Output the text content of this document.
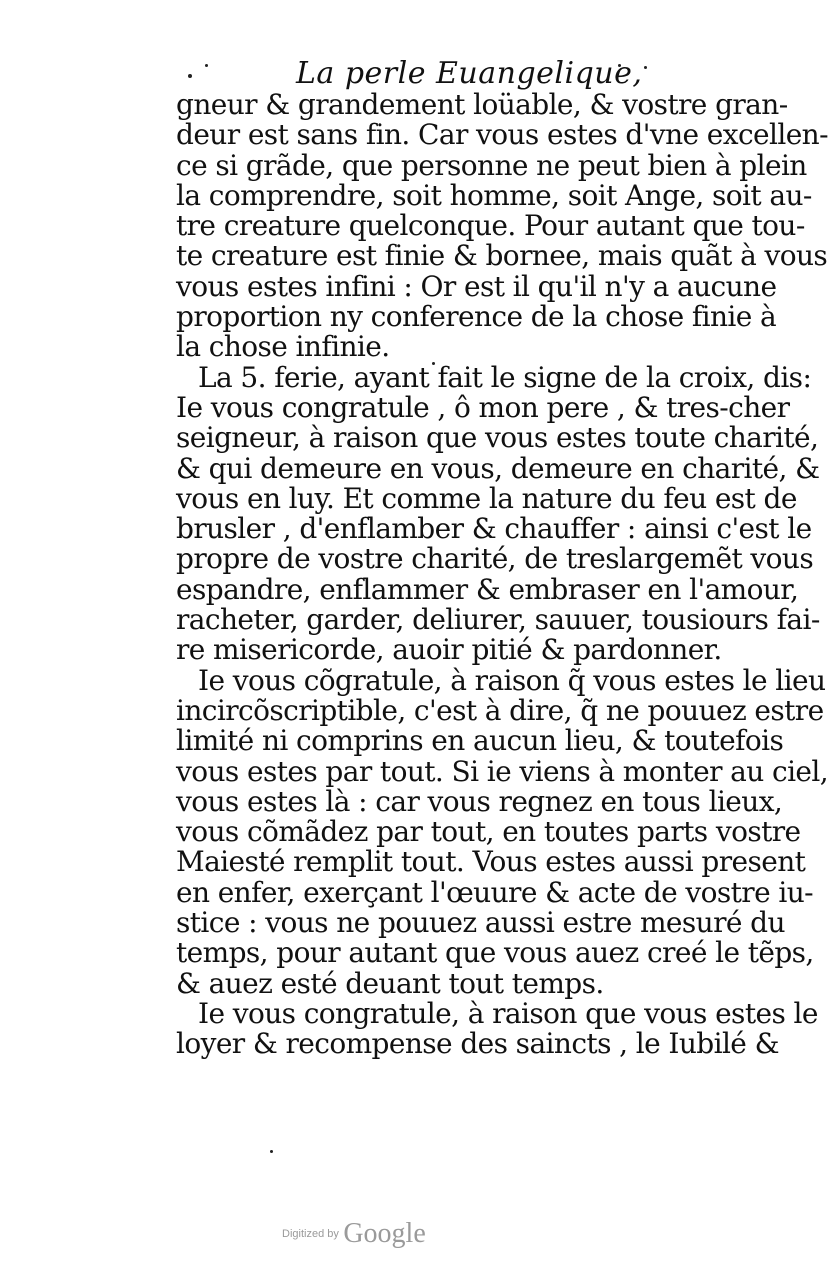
La perle Euangelique,
gneur & grandement loüable, & vostre gran-
deur est sans fin. Car vous estes d'vne excellen-
ce si grãde, que personne ne peut bien à plein
la comprendre, soit homme, soit Ange, soit au-
tre creature quelconque. Pour autant que tou-
te creature est finie & bornee, mais quãt à vous
vous estes infini : Or est il qu'il n'y a aucune
proportion ny conference de la chose finie à
la chose infinie.
La 5. ferie, ayant fait le signe de la croix, dis:
Ie vous congratule , ô mon pere , & tres-cher
seigneur, à raison que vous estes toute charité,
& qui demeure en vous, demeure en charité, &
vous en luy. Et comme la nature du feu est de
brusler , d'enflamber & chauffer : ainsi c'est le
propre de vostre charité, de treslargemẽt vous
espandre, enflammer & embraser en l'amour,
racheter, garder, deliurer, sauuer, tousiours fai-
re misericorde, auoir pitié & pardonner.
Ie vous cõgratule, à raison q̃ vous estes le lieu
incircõscriptible, c'est à dire, q̃ ne pouuez estre
limité ni comprins en aucun lieu, & toutefois
vous estes par tout. Si ie viens à monter au ciel,
vous estes là : car vous regnez en tous lieux,
vous cõmãdez par tout, en toutes parts vostre
Maiesté remplit tout. Vous estes aussi present
en enfer, exerçant l'œuure & acte de vostre iu-
stice : vous ne pouuez aussi estre mesuré du
temps, pour autant que vous auez creé le tẽps,
& auez esté deuant tout temps.
Ie vous congratule, à raison que vous estes le
loyer & recompense des saincts , le Iubilé &
Digitized by Google
